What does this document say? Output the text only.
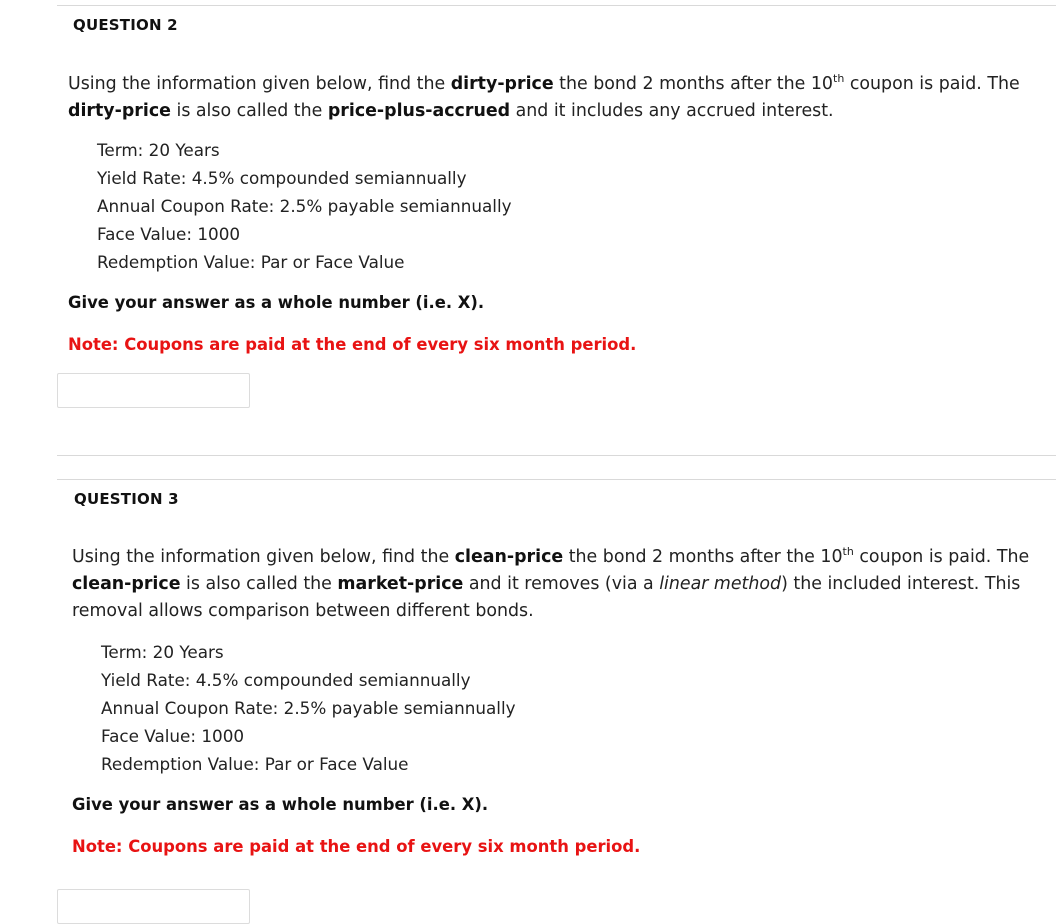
QUESTION 2
Using the information given below, find the dirty-price the bond 2 months after the 10th coupon is paid. The dirty-price is also called the price-plus-accrued and it includes any accrued interest.
Term: 20 Years
Yield Rate: 4.5% compounded semiannually
Annual Coupon Rate: 2.5% payable semiannually
Face Value: 1000
Redemption Value: Par or Face Value
Give your answer as a whole number (i.e. X).
Note: Coupons are paid at the end of every six month period.
QUESTION 3
Using the information given below, find the clean-price the bond 2 months after the 10th coupon is paid. The clean-price is also called the market-price and it removes (via a linear method) the included interest. This removal allows comparison between different bonds.
Term: 20 Years
Yield Rate: 4.5% compounded semiannually
Annual Coupon Rate: 2.5% payable semiannually
Face Value: 1000
Redemption Value: Par or Face Value
Give your answer as a whole number (i.e. X).
Note: Coupons are paid at the end of every six month period.
